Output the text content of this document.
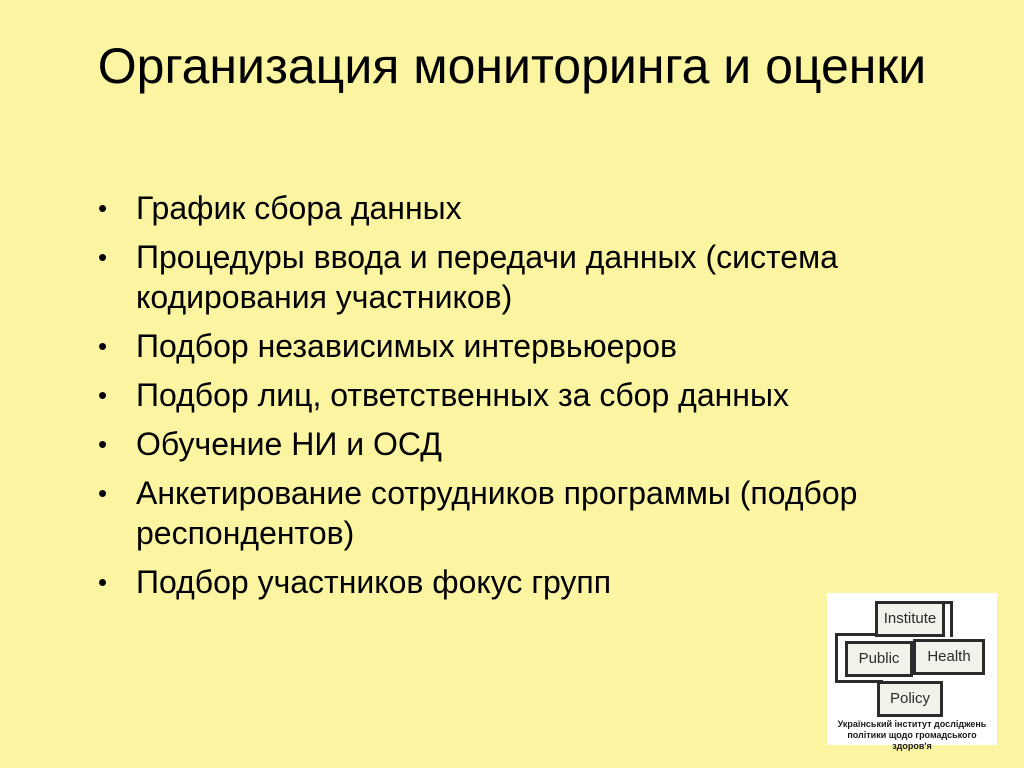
Организация мониторинга и оценки
• График сбора данных
• Процедуры ввода и передачи данных (система кодирования участников)
• Подбор независимых интервьюеров
• Подбор лиц, ответственных за сбор данных
• Обучение НИ и ОСД
• Анкетирование сотрудников программы (подбор респондентов)
• Подбор участников фокус групп
Institute
Public	Health
Policy
Український інститут досліджень
політики щодо громадського здоров'я
